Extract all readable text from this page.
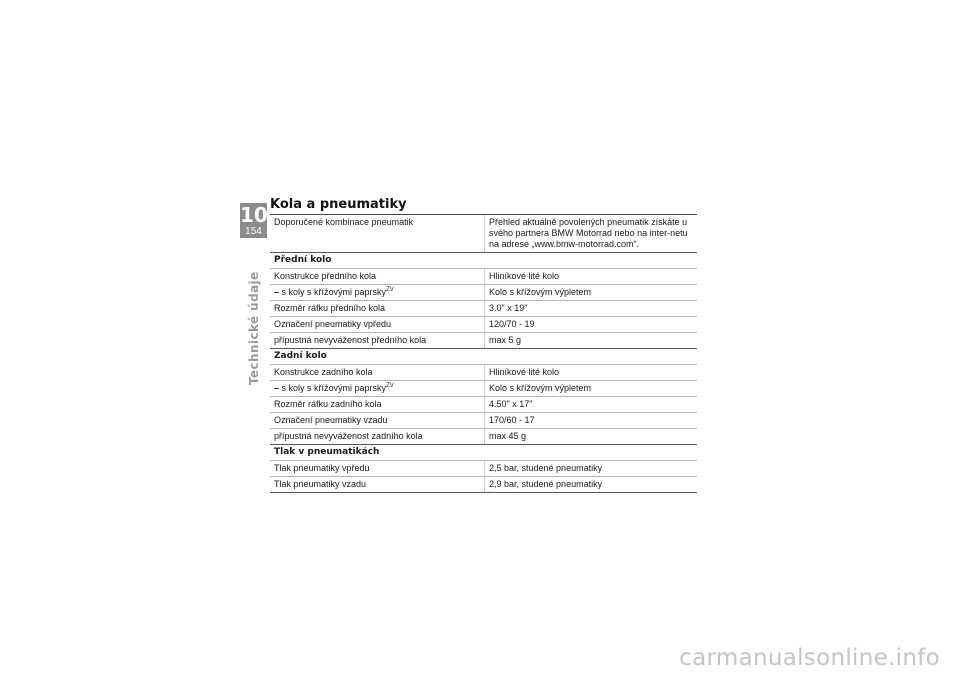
10
154
Technické údaje
Kola a pneumatiky
Doporučené kombinace pneumatik	Přehled aktuálně povolených pneumatik získáte u svého partnera BMW Motorrad nebo na inter-netu na adrese „www.bmw-motorrad.com“.
Přední kolo
Konstrukce předního kola	Hliníkové lité kolo
– s koly s křížovými paprsky$^{ZV}$	Kolo s křížovým výpletem
Rozměr ráfku předního kola	3.0" x 19"
Označení pneumatiky vpředu	120/70 - 19
přípustná nevyváženost předního kola	max 5 g
Zadní kolo
Konstrukce zadního kola	Hliníkové lité kolo
– s koly s křížovými paprsky$^{ZV}$	Kolo s křížovým výpletem
Rozměr ráfku zadního kola	4.50" x 17"
Označení pneumatiky vzadu	170/60 - 17
přípustná nevyváženost zadního kola	max 45 g
Tlak v pneumatikách
Tlak pneumatiky vpředu	2,5 bar, studené pneumatiky
Tlak pneumatiky vzadu	2,9 bar, studené pneumatiky
carmanualsonline.info
